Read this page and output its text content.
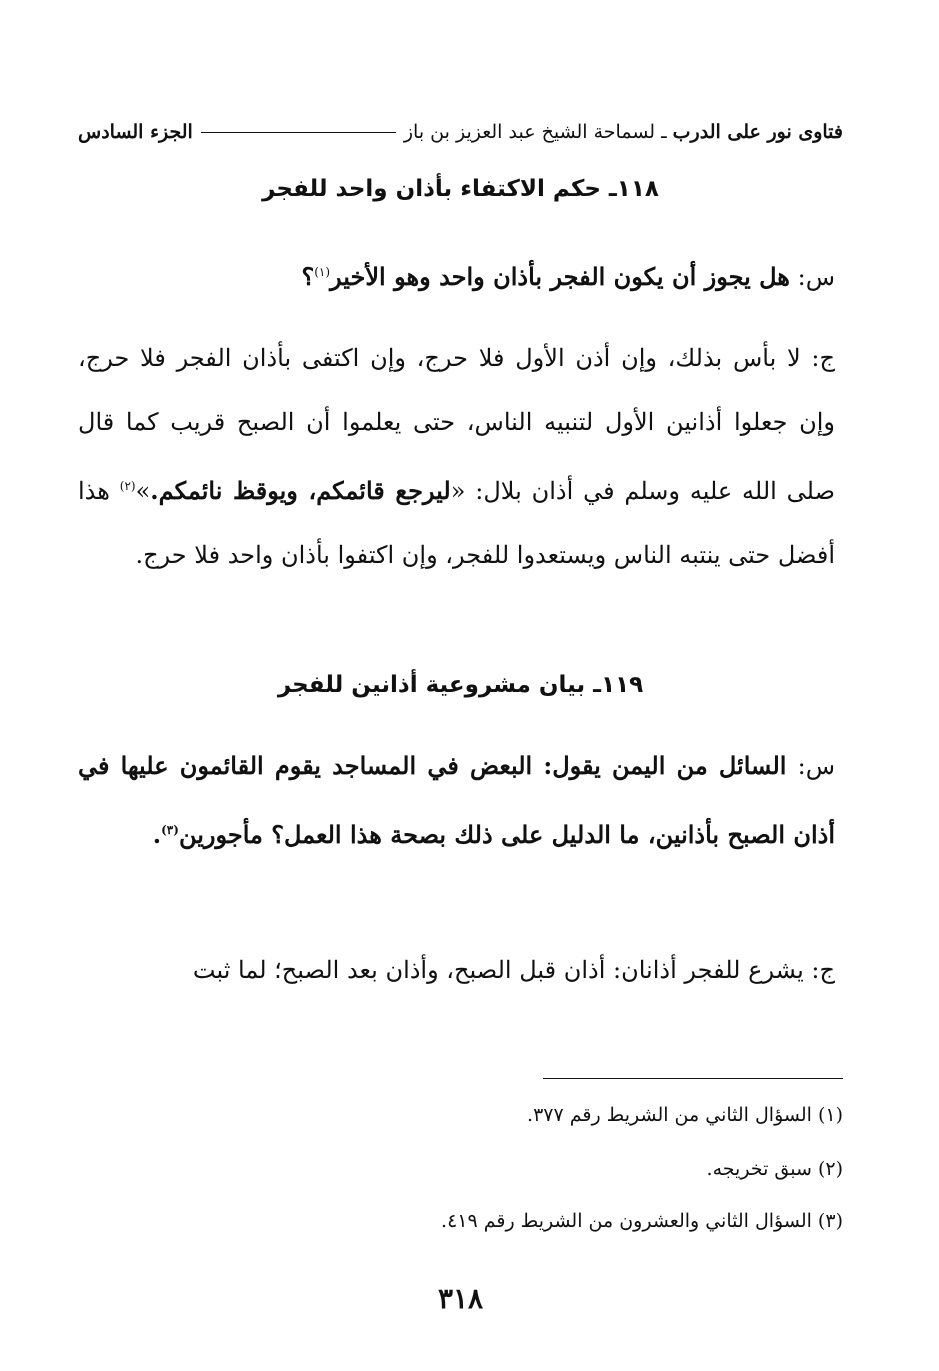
فتاوى نور على الدرب
ـ
لسماحة الشيخ عبد العزيز بن باز
الجزء السادس
١١٨ـ حكم الاكتفاء بأذان واحد للفجر

س: هل يجوز أن يكون الفجر بأذان واحد وهو الأخير$^{(١)}$؟

ج: لا بأس بذلك، وإن أذن الأول فلا حرج، وإن اكتفى بأذان الفجر فلا حرج، وإن جعلوا أذانين الأول لتنبيه الناس، حتى يعلموا أن الصبح قريب كما قال صلى الله عليه وسلم في أذان بلال: «ليرجع قائمكم، ويوقظ نائمكم.»$^{(٢)}$ هذا أفضل حتى ينتبه الناس ويستعدوا للفجر، وإن اكتفوا بأذان واحد فلا حرج.

١١٩ـ بيان مشروعية أذانين للفجر

س: السائل من اليمن يقول: البعض في المساجد يقوم القائمون عليها في أذان الصبح بأذانين، ما الدليل على ذلك بصحة هذا العمل؟ مأجورين$^{(٣)}$.

ج: يشرع للفجر أذانان: أذان قبل الصبح، وأذان بعد الصبح؛ لما ثبت

(١) السؤال الثاني من الشريط رقم ٣٧٧.
(٢) سبق تخريجه.
(٣) السؤال الثاني والعشرون من الشريط رقم ٤١٩.
٣١٨
